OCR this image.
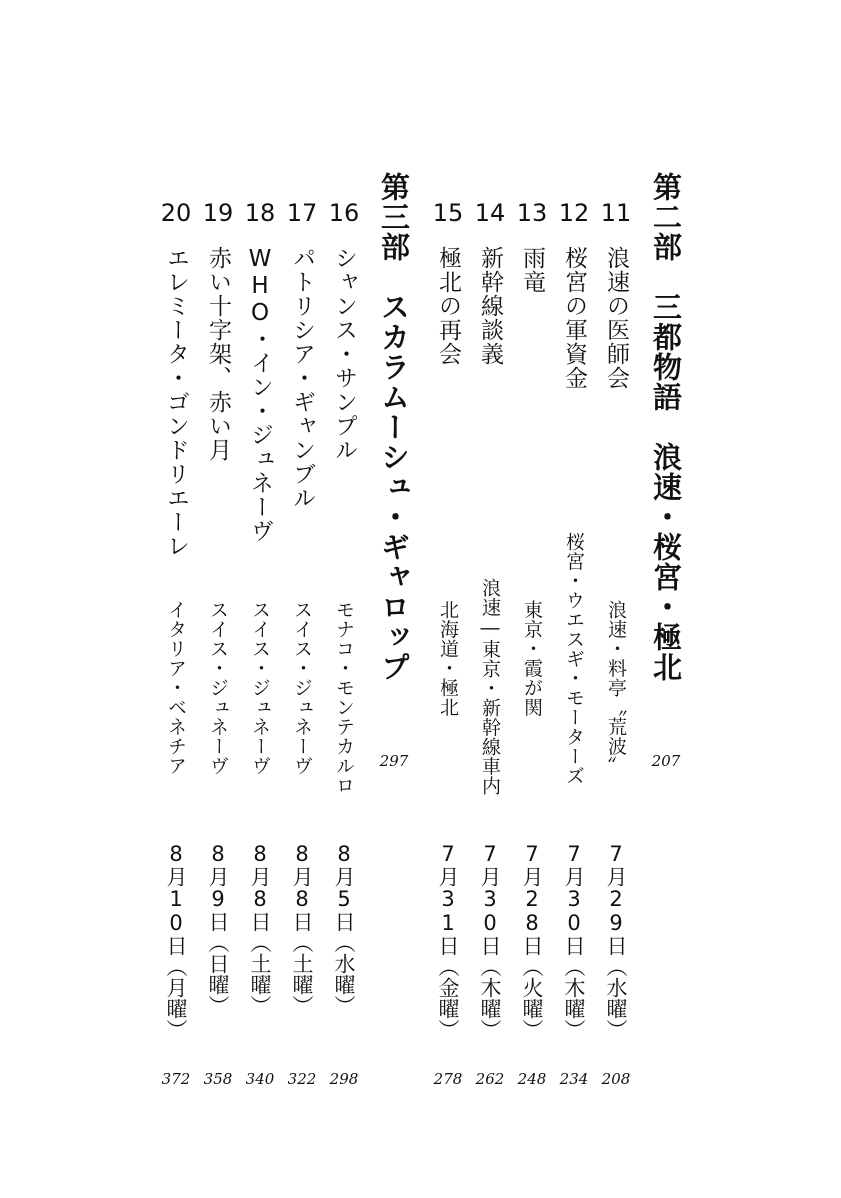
第二部三都物語浪速・桜宮・極北
207
第三部スカラムーシュ・ギャロップ
297
11
浪速の医師会
浪速・料亭〝荒波〟
7月29日（水曜）
208
12
桜宮の軍資金
桜宮・ウエスギ・モーターズ
7月30日（木曜）
234
13
雨竜
東京・霞が関
7月28日（火曜）
248
14
新幹線談義
浪速―東京・新幹線車内
7月30日（木曜）
262
15
極北の再会
北海道・極北
7月31日（金曜）
278
16
シャンス・サンプル
モナコ・モンテカルロ
8月5日（水曜）
298
17
パトリシア・ギャンブル
スイス・ジュネーヴ
8月8日（土曜）
322
18
WHO・イン・ジュネーヴ
スイス・ジュネーヴ
8月8日（土曜）
340
19
赤い十字架、赤い月
スイス・ジュネーヴ
8月9日（日曜）
358
20
エレミータ・ゴンドリエーレ
イタリア・ベネチア
8月10日（月曜）
372
